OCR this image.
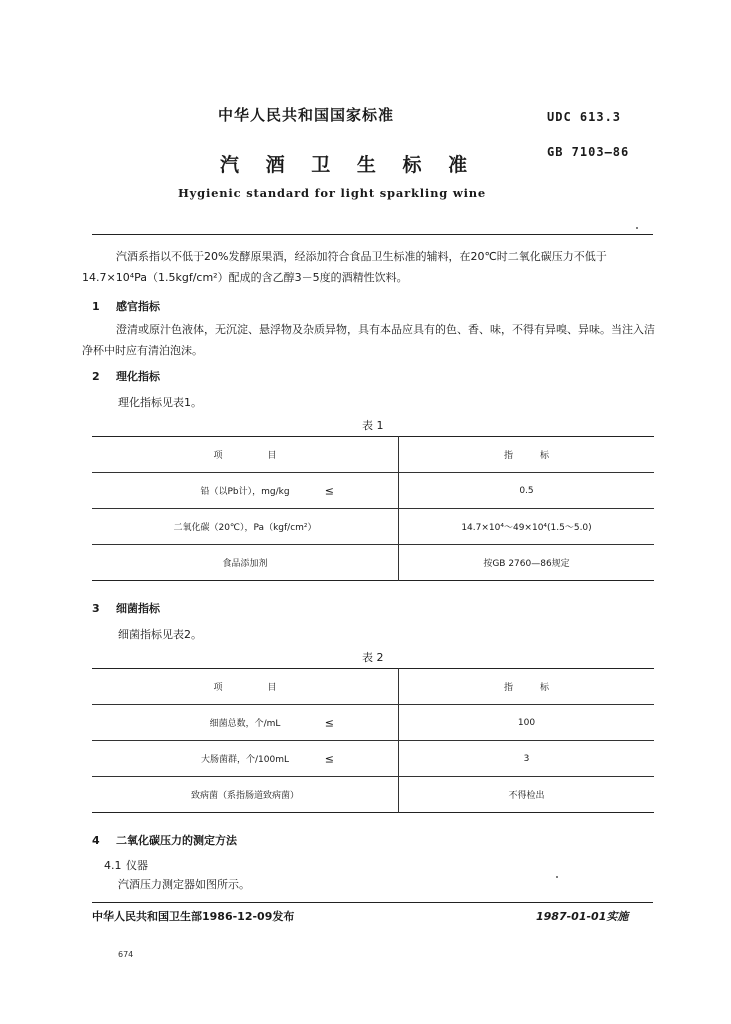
中华人民共和国国家标准	UDC 613.3
汽 酒 卫 生 标 准
GB 7103—86
Hygienic standard for light sparkling wine
汽酒系指以不低于20%发酵原果酒，经添加符合食品卫生标准的辅料，在20℃时二氧化碳压力不低于14.7×10⁴Pa（1.5kgf/cm²）配成的含乙醇3－5度的酒精性饮料。
1 感官指标
澄清或原汁色液体，无沉淀、悬浮物及杂质异物，具有本品应具有的色、香、味，不得有异嗅、异味。当注入洁净杯中时应有清泊泡沫。
2 理化指标
理化指标见表1。
表 1
项　　　　　目	指　　　标
铅（以Pb计），mg/kg ≤	0.5
二氧化碳（20℃），Pa（kgf/cm²）	14.7×10⁴～49×10⁴(1.5～5.0)
食品添加剂	按GB 2760—86规定
3 细菌指标
细菌指标见表2。
表 2
项　　　　　目	指　　　标
细菌总数，个/mL ≤	100
大肠菌群，个/100mL ≤	3
致病菌（系指肠道致病菌）	不得检出
4 二氧化碳压力的测定方法
4.1 仪器
汽酒压力测定器如图所示。
中华人民共和国卫生部1986-12-09发布	1987-01-01实施
674
